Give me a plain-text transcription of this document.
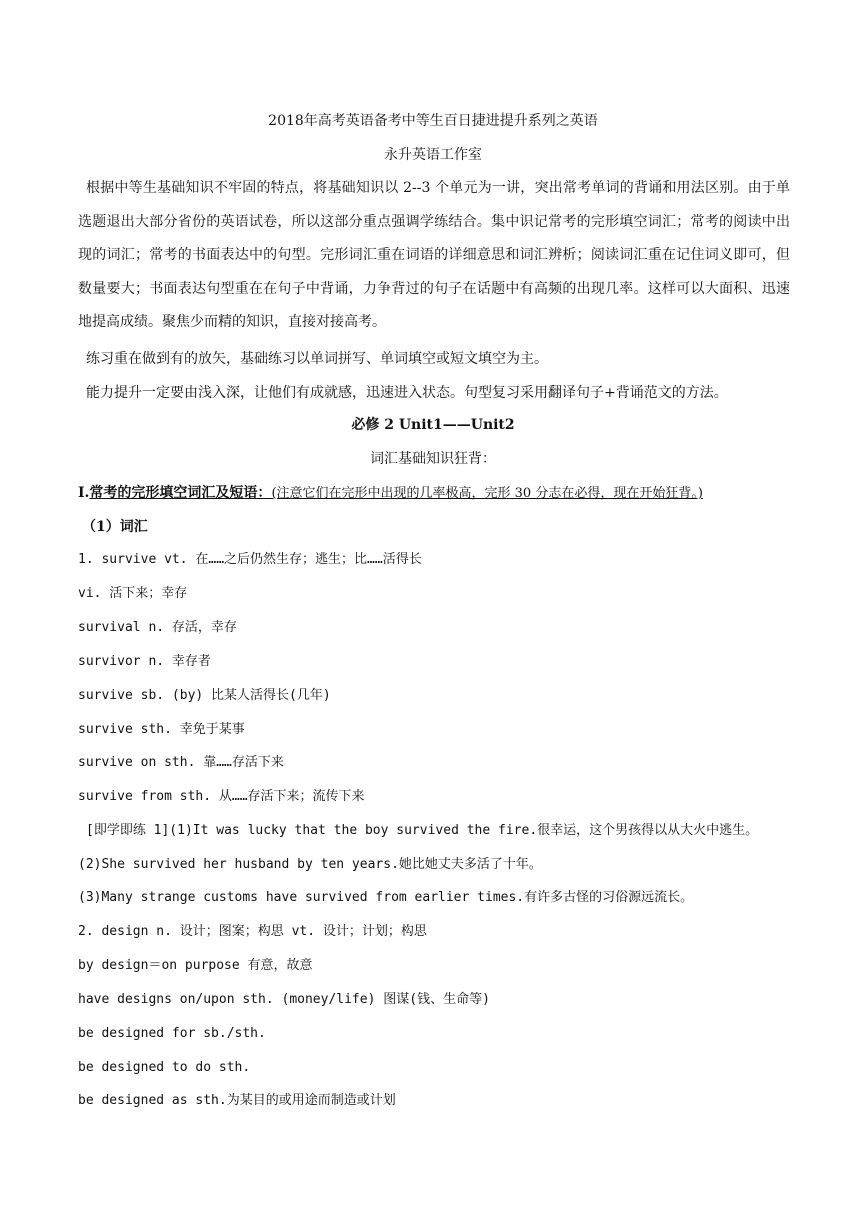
2018年高考英语备考中等生百日捷进提升系列之英语
永升英语工作室
根据中等生基础知识不牢固的特点，将基础知识以 2--3 个单元为一讲，突出常考单词的背诵和用法区别。由于单选题退出大部分省份的英语试卷，所以这部分重点强调学练结合。集中识记常考的完形填空词汇；常考的阅读中出现的词汇；常考的书面表达中的句型。完形词汇重在词语的详细意思和词汇辨析；阅读词汇重在记住词义即可，但数量要大；书面表达句型重在在句子中背诵，力争背过的句子在话题中有高频的出现几率。这样可以大面积、迅速地提高成绩。聚焦少而精的知识，直接对接高考。
练习重在做到有的放矢，基础练习以单词拼写、单词填空或短文填空为主。
能力提升一定要由浅入深，让他们有成就感，迅速进入状态。句型复习采用翻译句子+背诵范文的方法。
必修 2 Unit1——Unit2
词汇基础知识狂背：
I.常考的完形填空词汇及短语：(注意它们在完形中出现的几率极高，完形 30 分志在必得，现在开始狂背。)
（1）词汇
1. survive vt. 在……之后仍然生存；逃生；比……活得长
vi. 活下来；幸存
survival n. 存活，幸存
survivor n. 幸存者
survive sb. (by) 比某人活得长(几年)
survive sth. 幸免于某事
survive on sth. 靠……存活下来
survive from sth. 从……存活下来；流传下来
[即学即练 1](1)It was lucky that the boy survived the fire.很幸运，这个男孩得以从大火中逃生。
(2)She survived her husband by ten years.她比她丈夫多活了十年。
(3)Many strange customs have survived from earlier times.有许多古怪的习俗源远流长。
2. design n. 设计；图案；构思 vt. 设计；计划；构思
by design＝on purpose 有意，故意
have designs on/upon sth. (money/life) 图谋(钱、生命等)
be designed for sb./sth.
be designed to do sth.
be designed as sth.为某目的或用途而制造或计划
